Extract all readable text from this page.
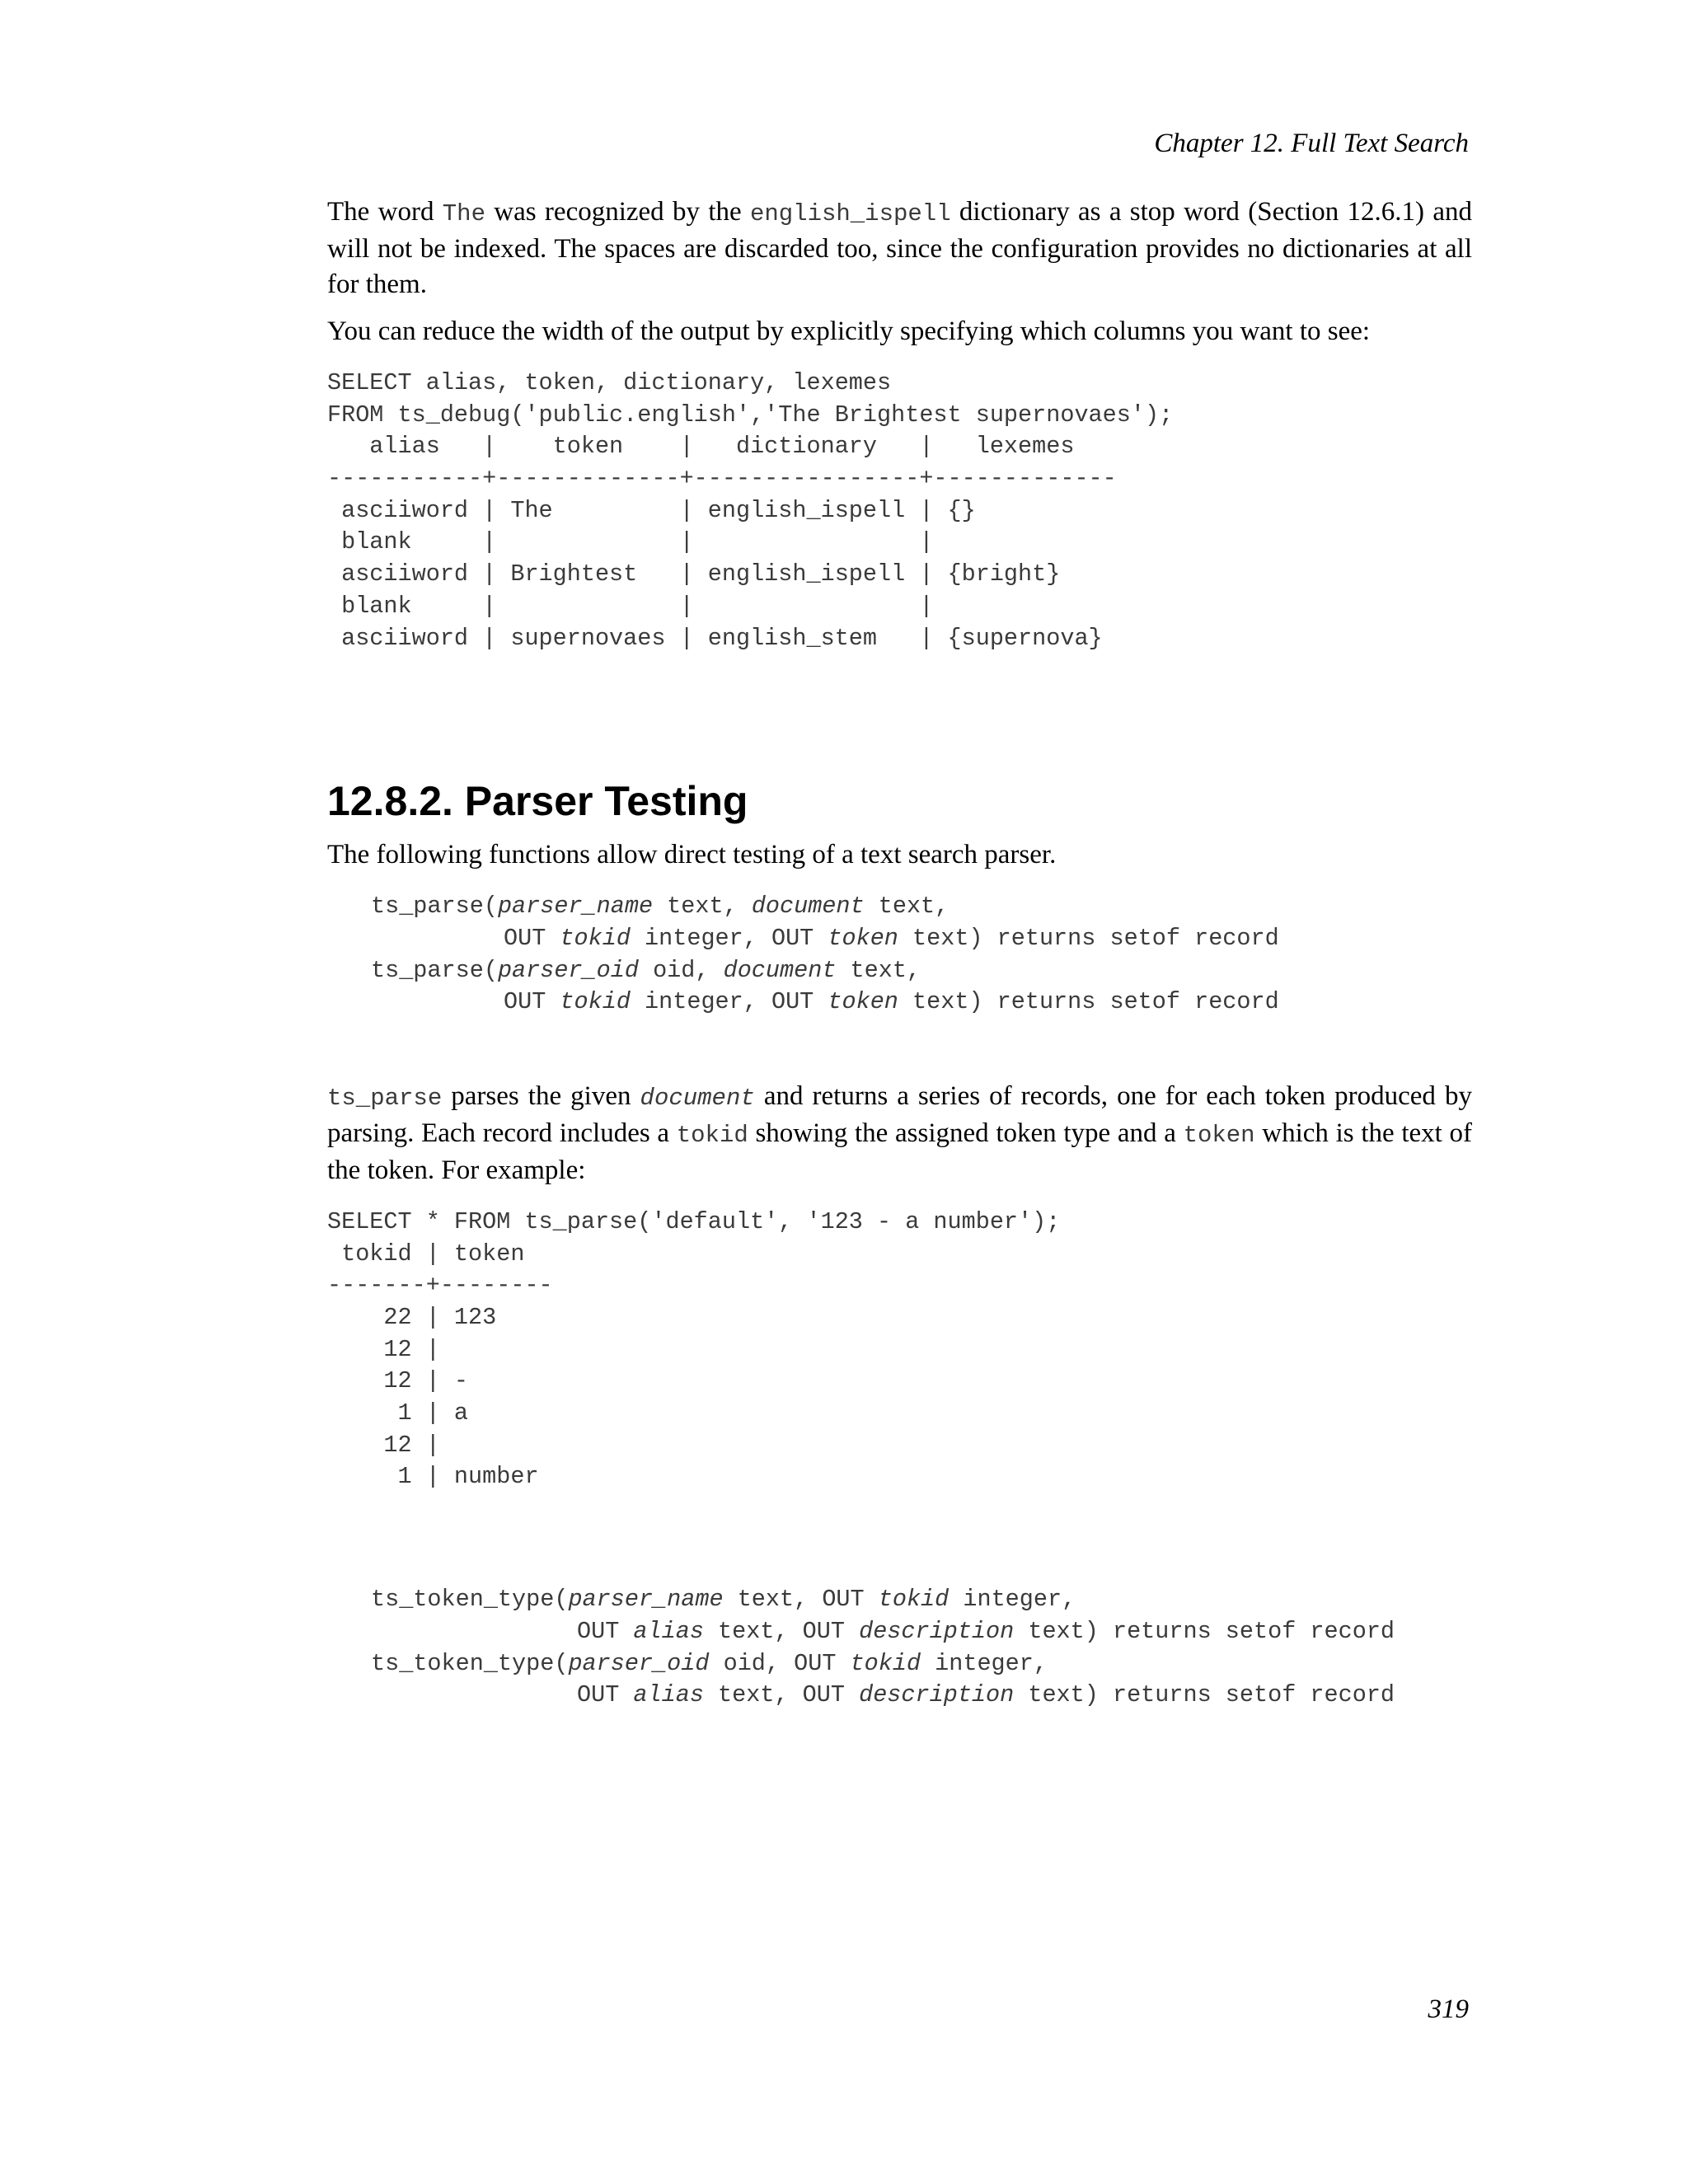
Chapter 12. Full Text Search

The word The was recognized by the english_ispell dictionary as a stop word (Section 12.6.1) and will not be indexed. The spaces are discarded too, since the configuration provides no dictionaries at all for them.

You can reduce the width of the output by explicitly specifying which columns you want to see:

SELECT alias, token, dictionary, lexemes
FROM ts_debug('public.english','The Brightest supernovaes');
alias   |    token    |   dictionary   |   lexemes
-----------+-------------+----------------+-------------
asciiword | The         | english_ispell | {}
blank     |             |                |
asciiword | Brightest   | english_ispell | {bright}
blank     |             |                |
asciiword | supernovaes | english_stem   | {supernova}
12.8.2. Parser Testing

The following functions allow direct testing of a text search parser.

ts_parse(parser_name text, document text,
OUT tokid integer, OUT token text) returns setof record
ts_parse(parser_oid oid, document text,
OUT tokid integer, OUT token text) returns setof record

ts_parse parses the given document and returns a series of records, one for each token produced by parsing. Each record includes a tokid showing the assigned token type and a token which is the text of the token. For example:

SELECT * FROM ts_parse('default', '123 - a number');
tokid | token
-------+--------
22 | 123
12 |
12 | -
1 | a
12 |
1 | number
ts_token_type(parser_name text, OUT tokid integer,
OUT alias text, OUT description text) returns setof record
ts_token_type(parser_oid oid, OUT tokid integer,
OUT alias text, OUT description text) returns setof record
319
